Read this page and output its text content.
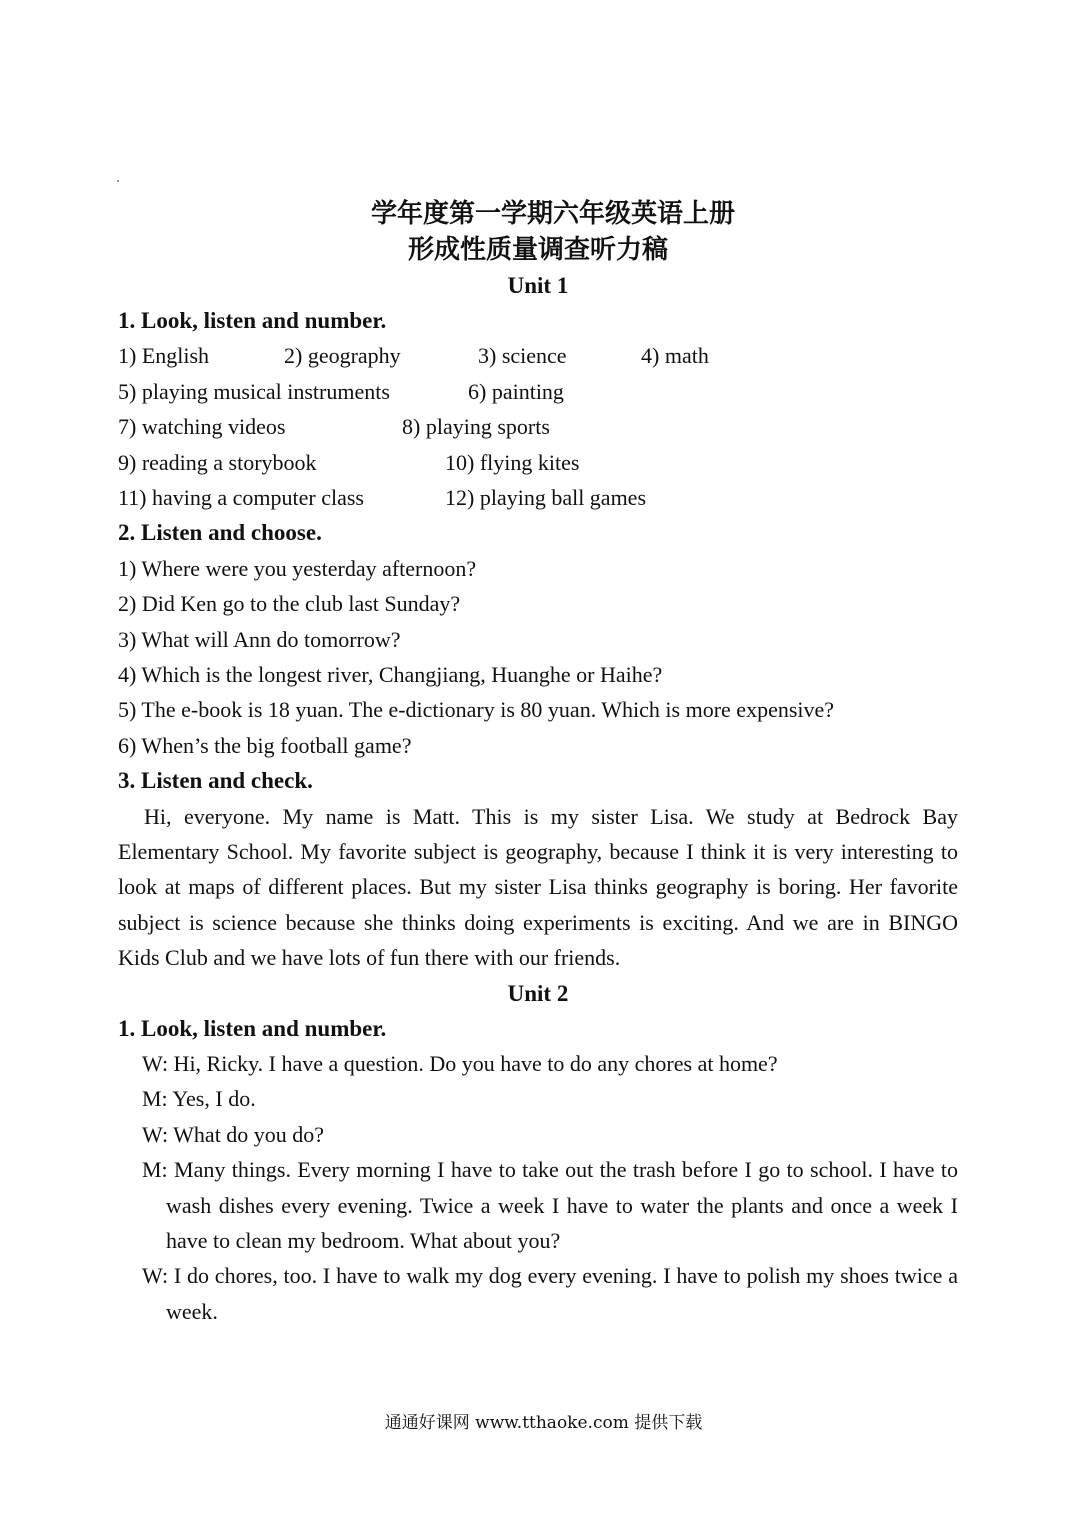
学年度第一学期六年级英语上册

形成性质量调查听力稿

Unit 1

1. Look, listen and number.

1) English	2) geography	3) science	4) math
5) playing musical instruments	6) painting
7) watching videos	8) playing sports
9) reading a storybook	10) flying kites
11) having a computer class	12) playing ball games

2. Listen and choose.

1) Where were you yesterday afternoon?

2) Did Ken go to the club last Sunday?

3) What will Ann do tomorrow?

4) Which is the longest river, Changjiang, Huanghe or Haihe?

5) The e-book is 18 yuan. The e-dictionary is 80 yuan. Which is more expensive?

6) When’s the big football game?

3. Listen and check.

Hi, everyone. My name is Matt. This is my sister Lisa. We study at Bedrock Bay Elementary School. My favorite subject is geography, because I think it is very interesting to look at maps of different places. But my sister Lisa thinks geography is boring. Her favorite subject is science because she thinks doing experiments is exciting. And we are in BINGO Kids Club and we have lots of fun there with our friends.

Unit 2

1. Look, listen and number.

W: Hi, Ricky. I have a question. Do you have to do any chores at home?

M: Yes, I do.

W: What do you do?

M: Many things. Every morning I have to take out the trash before I go to school. I have to wash dishes every evening. Twice a week I have to water the plants and once a week I have to clean my bedroom. What about you?

W: I do chores, too. I have to walk my dog every evening. I have to polish my shoes twice a week.

通通好课网 www.tthaoke.com 提供下载
